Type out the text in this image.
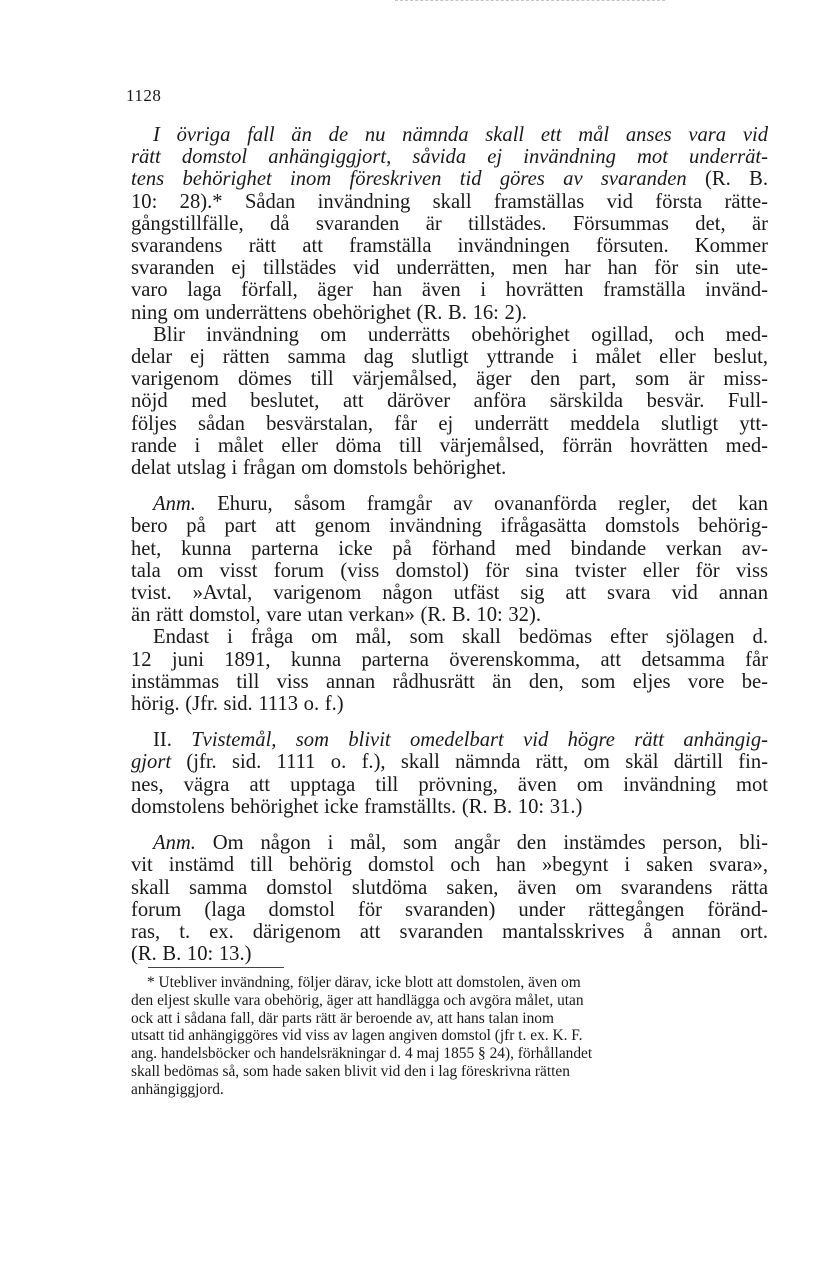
1128

I övriga fall än de nu nämnda skall ett mål anses vara vid

rätt domstol anhängiggjort, såvida ej invändning mot underrät-

tens behörighet inom föreskriven tid göres av svaranden (R. B.

10: 28).* Sådan invändning skall framställas vid första rätte-

gångstillfälle, då svaranden är tillstädes. Försummas det, är

svarandens rätt att framställa invändningen försuten. Kommer

svaranden ej tillstädes vid underrätten, men har han för sin ute-

varo laga förfall, äger han även i hovrätten framställa invänd-

ning om underrättens obehörighet (R. B. 16: 2).

Blir invändning om underrätts obehörighet ogillad, och med-

delar ej rätten samma dag slutligt yttrande i målet eller beslut,

varigenom dömes till värjemålsed, äger den part, som är miss-

nöjd med beslutet, att däröver anföra särskilda besvär. Full-

följes sådan besvärstalan, får ej underrätt meddela slutligt ytt-

rande i målet eller döma till värjemålsed, förrän hovrätten med-

delat utslag i frågan om domstols behörighet.

Anm. Ehuru, såsom framgår av ovananförda regler, det kan

bero på part att genom invändning ifrågasätta domstols behörig-

het, kunna parterna icke på förhand med bindande verkan av-

tala om visst forum (viss domstol) för sina tvister eller för viss

tvist. »Avtal, varigenom någon utfäst sig att svara vid annan

än rätt domstol, vare utan verkan» (R. B. 10: 32).

Endast i fråga om mål, som skall bedömas efter sjölagen d.

12 juni 1891, kunna parterna överenskomma, att detsamma får

instämmas till viss annan rådhusrätt än den, som eljes vore be-

hörig. (Jfr. sid. 1113 o. f.)

II. Tvistemål, som blivit omedelbart vid högre rätt anhängig-

gjort (jfr. sid. 1111 o. f.), skall nämnda rätt, om skäl därtill fin-

nes, vägra att upptaga till prövning, även om invändning mot

domstolens behörighet icke framställts. (R. B. 10: 31.)

Anm. Om någon i mål, som angår den instämdes person, bli-

vit instämd till behörig domstol och han »begynt i saken svara»,

skall samma domstol slutdöma saken, även om svarandens rätta

forum (laga domstol för svaranden) under rättegången föränd-

ras, t. ex. därigenom att svaranden mantalsskrives å annan ort.

(R. B. 10: 13.)

* Utebliver invändning, följer därav, icke blott att domstolen, även om

den eljest skulle vara obehörig, äger att handlägga och avgöra målet, utan
ock att i sådana fall, där parts rätt är beroende av, att hans talan inom
utsatt tid anhängiggöres vid viss av lagen angiven domstol (jfr t. ex. K. F.
ang. handelsböcker och handelsräkningar d. 4 maj 1855 § 24), förhållandet
skall bedömas så, som hade saken blivit vid den i lag föreskrivna rätten
anhängiggjord.
